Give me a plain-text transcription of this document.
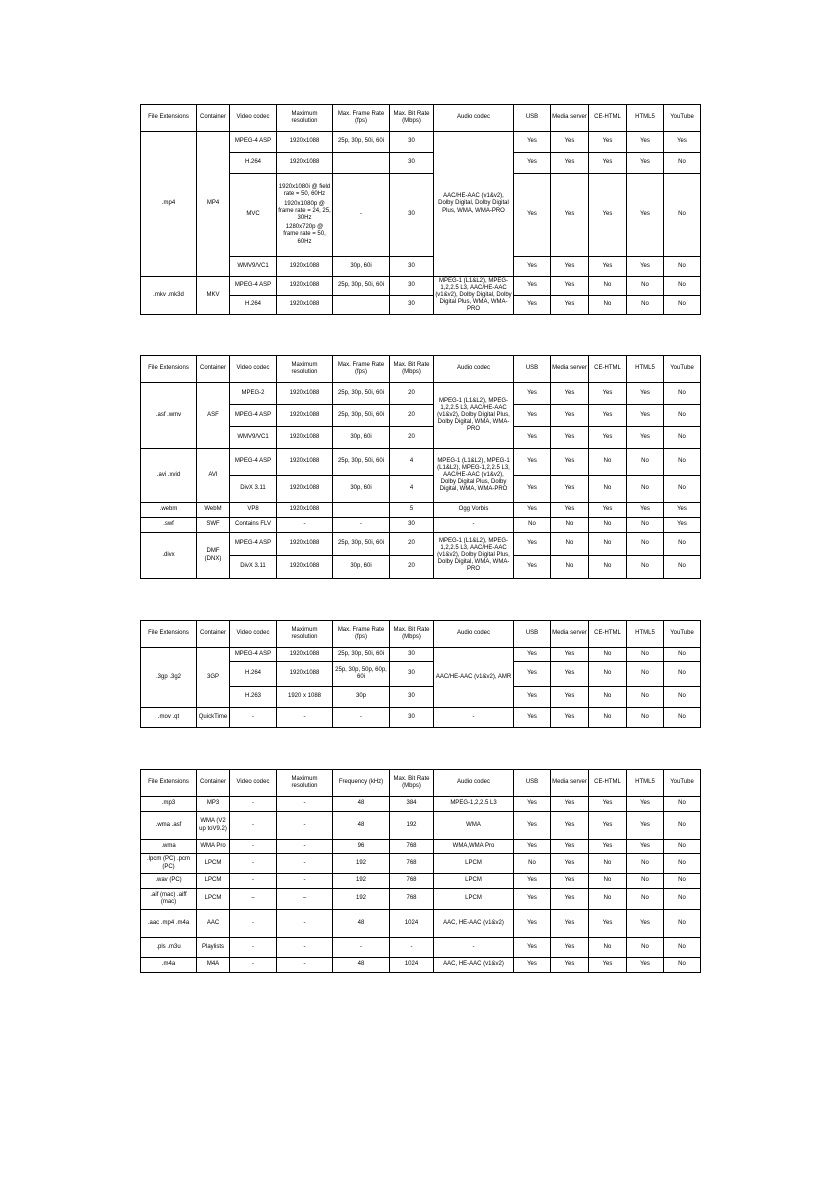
File Extensions	Container	Video codec	Maximum resolution	Max. Frame Rate (fps)	Max. Bit Rate (Mbps)	Audio codec	USB	Media server	CE-HTML	HTML5	YouTube
.mp4	MP4	MPEG-4 ASP	1920x1088	25p, 30p, 50i, 60i	30	AAC/HE-AAC (v1&v2), Dolby Digital, Dolby Digital Plus, WMA, WMA-PRO	Yes	Yes	Yes	Yes	Yes
		H.264	1920x1088		30		Yes	Yes	Yes	Yes	No
		MVC	1920x1080i @ field rate = 50, 60Hz
1920x1080p @ frame rate = 24, 25, 30Hz
1280x720p @ frame rate = 50, 60Hz	-	30		Yes	Yes	Yes	Yes	No
		WMV9/VC1	1920x1088	30p, 60i	30		Yes	Yes	Yes	Yes	No
.mkv .mk3d	MKV	MPEG-4 ASP	1920x1088	25p, 30p, 50i, 60i	30	MPEG-1 (L1&L2), MPEG-1,2,2.5 L3, AAC/HE-AAC (v1&v2), Dolby Digital, Dolby Digital Plus, WMA, WMA-PRO	Yes	Yes	No	No	No
		H.264	1920x1088		30		Yes	Yes	No	No	No
File Extensions	Container	Video codec	Maximum resolution	Max. Frame Rate (fps)	Max. Bit Rate (Mbps)	Audio codec	USB	Media server	CE-HTML	HTML5	YouTube
.asf .wmv	ASF	MPEG-2	1920x1088	25p, 30p, 50i, 60i	20	MPEG-1 (L1&L2), MPEG-1,2,2.5 L3, AAC/HE-AAC (v1&v2), Dolby Digital Plus, Dolby Digital, WMA, WMA-PRO	Yes	Yes	Yes	Yes	No
		MPEG-4 ASP	1920x1088	25p, 30p, 50i, 60i	20		Yes	Yes	Yes	Yes	No
		WMV9/VC1	1920x1088	30p, 60i	20		Yes	Yes	Yes	Yes	No
.avi .xvid	AVI	MPEG-4 ASP	1920x1088	25p, 30p, 50i, 60i	4	MPEG-1 (L1&L2), MPEG-1 (L1&L2), MPEG-1,2,2.5 L3, AAC/HE-AAC (v1&v2), Dolby Digital Plus, Dolby Digital, WMA, WMA-PRO	Yes	Yes	No	No	No
		DivX 3.11	1920x1088	30p, 60i	4		Yes	Yes	No	No	No
.webm	WebM	VP8	1920x1088		5	Ogg Vorbis	Yes	Yes	Yes	Yes	Yes
.swf	SWF	Contains FLV	-	-	30	-	No	No	No	No	Yes
.divx	DMF (DNX)	MPEG-4 ASP	1920x1088	25p, 30p, 50i, 60i	20	MPEG-1 (L1&L2), MPEG-1,2,2.5 L3, AAC/HE-AAC (v1&v2), Dolby Digital Plus, Dolby Digital, WMA, WMA-PRO	Yes	No	No	No	No
		DivX 3.11	1920x1088	30p, 60i	20		Yes	No	No	No	No
File Extensions	Container	Video codec	Maximum resolution	Max. Frame Rate (fps)	Max. Bit Rate (Mbps)	Audio codec	USB	Media server	CE-HTML	HTML5	YouTube
.3gp .3g2	3GP	MPEG-4 ASP	1920x1088	25p, 30p, 50i, 60i	30	AAC/HE-AAC (v1&v2), AMR	Yes	Yes	No	No	No
		H.264	1920x1088	25p, 30p, 50p, 60p, 60i	30		Yes	Yes	No	No	No
		H.263	1920 x 1088	30p	30		Yes	Yes	No	No	No
.mov .qt	QuickTime	-	-	-	30	-	Yes	Yes	No	No	No
File Extensions	Container	Video codec	Maximum resolution	Frequency (kHz)	Max. Bit Rate (Mbps)	Audio codec	USB	Media server	CE-HTML	HTML5	YouTube
.mp3	MP3	-	-	48	384	MPEG-1,2,2.5 L3	Yes	Yes	Yes	Yes	No
.wma .asf	WMA (V2 up toV9.2)	-	-	48	192	WMA	Yes	Yes	Yes	Yes	No
.wma	WMA Pro	-	-	96	768	WMA,WMA Pro	Yes	Yes	Yes	Yes	No
.lpcm (PC) .pcm (PC)	LPCM	-	-	192	768	LPCM	No	Yes	No	No	No
.wav (PC)	LPCM	-	-	192	768	LPCM	Yes	Yes	No	No	No
.aif (mac) .aiff (mac)	LPCM	–	–	192	768	LPCM	Yes	Yes	No	No	No
.aac .mp4 .m4a	AAC	-	-	48	1024	AAC, HE-AAC (v1&v2)	Yes	Yes	Yes	Yes	No
.pls .m3u	Playlists	-	-	-	-	-	Yes	Yes	No	No	No
.m4a	M4A	-	-	48	1024	AAC, HE-AAC (v1&v2)	Yes	Yes	Yes	Yes	No
